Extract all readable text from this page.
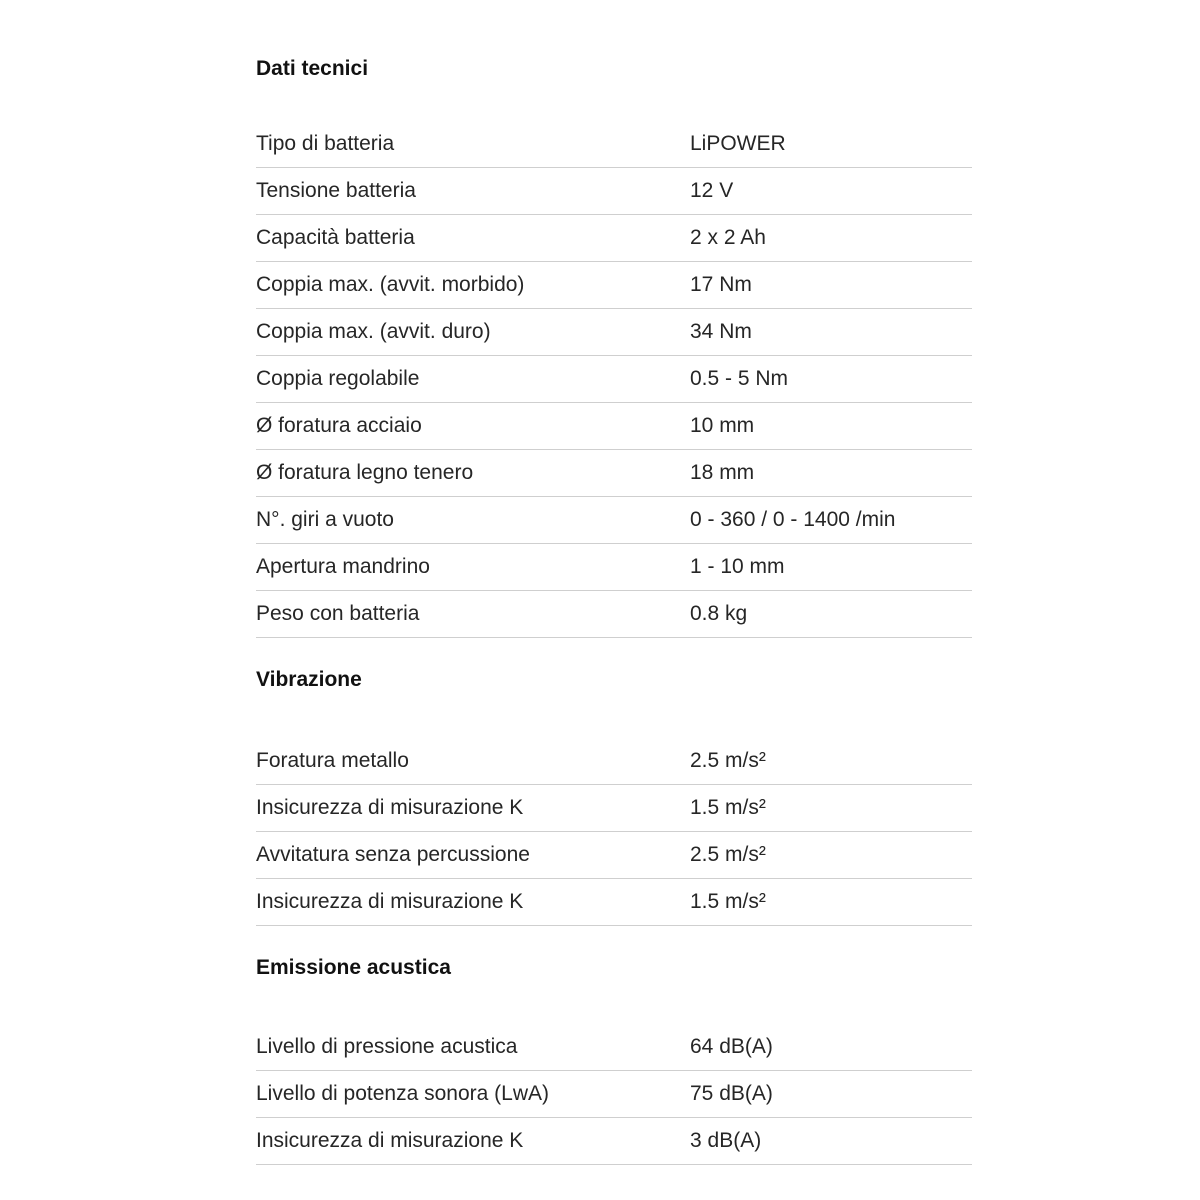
Dati tecnici
Tipo di batteria	LiPOWER
Tensione batteria	12 V
Capacità batteria	2 x 2 Ah
Coppia max. (avvit. morbido)	17 Nm
Coppia max. (avvit. duro)	34 Nm
Coppia regolabile	0.5 - 5 Nm
Ø foratura acciaio	10 mm
Ø foratura legno tenero	18 mm
N°. giri a vuoto	0 - 360 / 0 - 1400 /min
Apertura mandrino	1 - 10 mm
Peso con batteria	0.8 kg
Vibrazione
Foratura metallo	2.5 m/s²
Insicurezza di misurazione K	1.5 m/s²
Avvitatura senza percussione	2.5 m/s²
Insicurezza di misurazione K	1.5 m/s²
Emissione acustica
Livello di pressione acustica	64 dB(A)
Livello di potenza sonora (LwA)	75 dB(A)
Insicurezza di misurazione K	3 dB(A)
